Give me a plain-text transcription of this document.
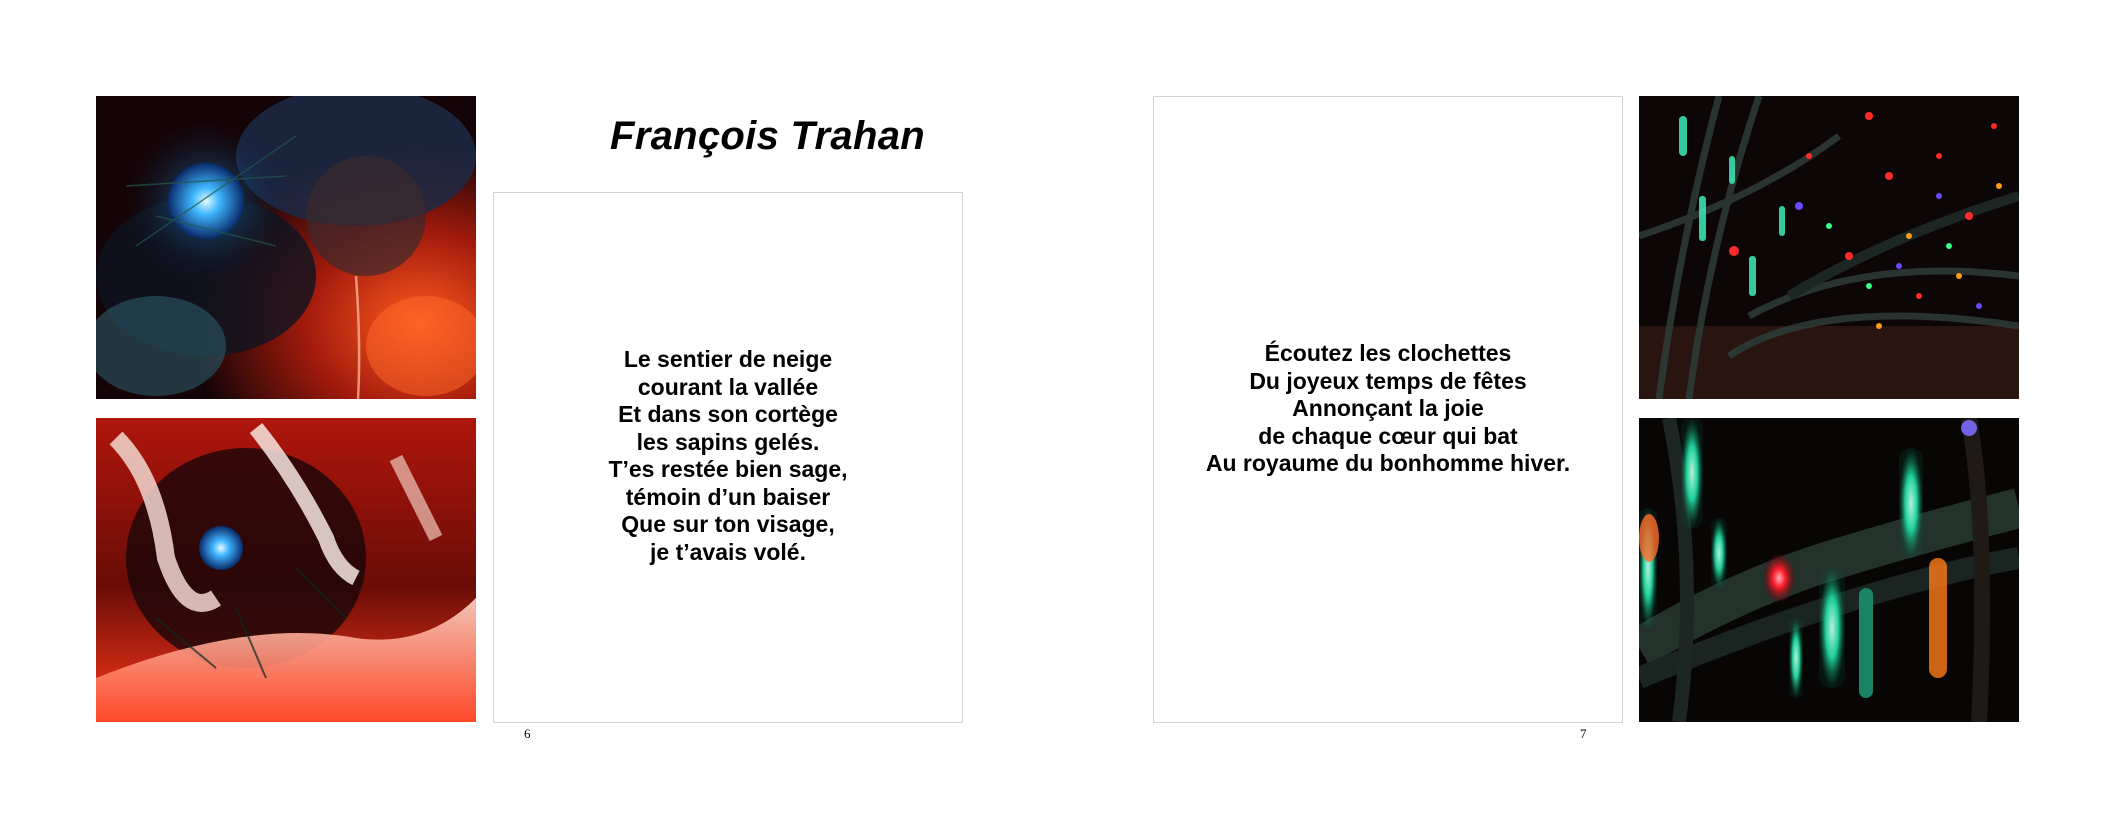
François Trahan
Le sentier de neige
courant la vallée
Et dans son cortège
les sapins gelés.
T’es restée bien sage,
témoin d’un baiser
Que sur ton visage,
je t’avais volé.
6
Écoutez les clochettes
Du joyeux temps de fêtes
Annonçant la joie
de chaque cœur qui bat
Au royaume du bonhomme hiver.
7
